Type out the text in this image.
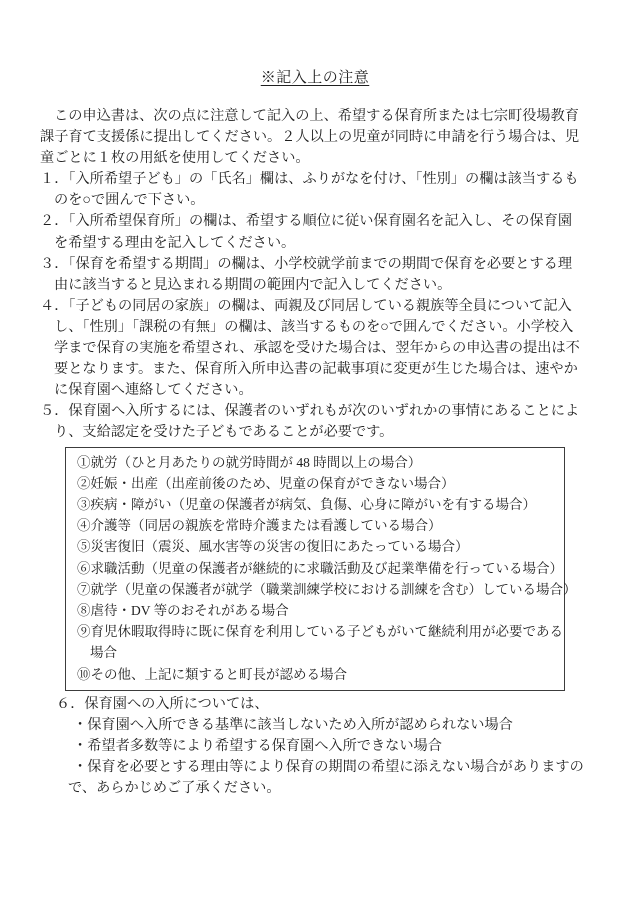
※記入上の注意
この申込書は、次の点に注意して記入の上、希望する保育所または七宗町役場教育
課子育て支援係に提出してください。２人以上の児童が同時に申請を行う場合は、児
童ごとに１枚の用紙を使用してください。
１．「入所希望子ども」の「氏名」欄は、ふりがなを付け、「性別」の欄は該当するも
のを○で囲んで下さい。
２．「入所希望保育所」の欄は、希望する順位に従い保育園名を記入し、その保育園
を希望する理由を記入してください。
３．「保育を希望する期間」の欄は、小学校就学前までの期間で保育を必要とする理
由に該当すると見込まれる期間の範囲内で記入してください。
４．「子どもの同居の家族」の欄は、両親及び同居している親族等全員について記入
し、「性別」「課税の有無」の欄は、該当するものを○で囲んでください。小学校入
学まで保育の実施を希望され、承認を受けた場合は、翌年からの申込書の提出は不
要となります。また、保育所入所申込書の記載事項に変更が生じた場合は、速やか
に保育園へ連絡してください。
５．保育園へ入所するには、保護者のいずれもが次のいずれかの事情にあることによ
り、支給認定を受けた子どもであることが必要です。
①就労（ひと月あたりの就労時間が 48 時間以上の場合）
②妊娠・出産（出産前後のため、児童の保育ができない場合）
③疾病・障がい（児童の保護者が病気、負傷、心身に障がいを有する場合）
④介護等（同居の親族を常時介護または看護している場合）
⑤災害復旧（震災、風水害等の災害の復旧にあたっている場合）
⑥求職活動（児童の保護者が継続的に求職活動及び起業準備を行っている場合）
⑦就学（児童の保護者が就学（職業訓練学校における訓練を含む）している場合）
⑧虐待・DV 等のおそれがある場合
⑨育児休暇取得時に既に保育を利用している子どもがいて継続利用が必要である
場合
⑩その他、上記に類すると町長が認める場合
６．保育園への入所については、
・保育園へ入所できる基準に該当しないため入所が認められない場合
・希望者多数等により希望する保育園へ入所できない場合
・保育を必要とする理由等により保育の期間の希望に添えない場合がありますの
で、あらかじめご了承ください。
